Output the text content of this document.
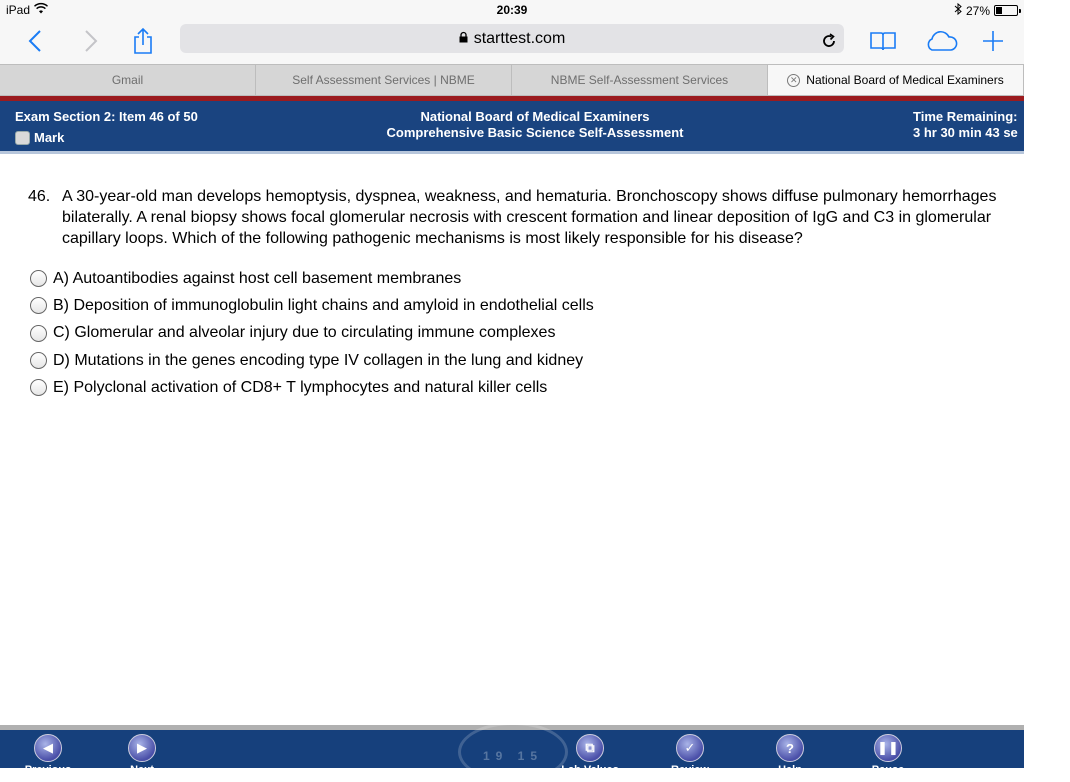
iPad	20:39	27%
starttest.com
Gmail	Self Assessment Services | NBME	NBME Self-Assessment Services	✕ National Board of Medical Examiners
Exam Section 2: Item 46 of 50
Mark
National Board of Medical Examiners
Comprehensive Basic Science Self-Assessment
Time Remaining:
3 hr 30 min 43 se
46. A 30-year-old man develops hemoptysis, dyspnea, weakness, and hematuria. Bronchoscopy shows diffuse pulmonary hemorrhages bilaterally. A renal biopsy shows focal glomerular necrosis with crescent formation and linear deposition of IgG and C3 in glomerular capillary loops. Which of the following pathogenic mechanisms is most likely responsible for his disease?
A) Autoantibodies against host cell basement membranes
B) Deposition of immunoglobulin light chains and amyloid in endothelial cells
C) Glomerular and alveolar injury due to circulating immune complexes
D) Mutations in the genes encoding type IV collagen in the lung and kidney
E) Polyclonal activation of CD8+ T lymphocytes and natural killer cells
19 15
◀
Previous
▶
Next
⧉
Lab Values
✓
Review
?
Help
❚❚
Pause
